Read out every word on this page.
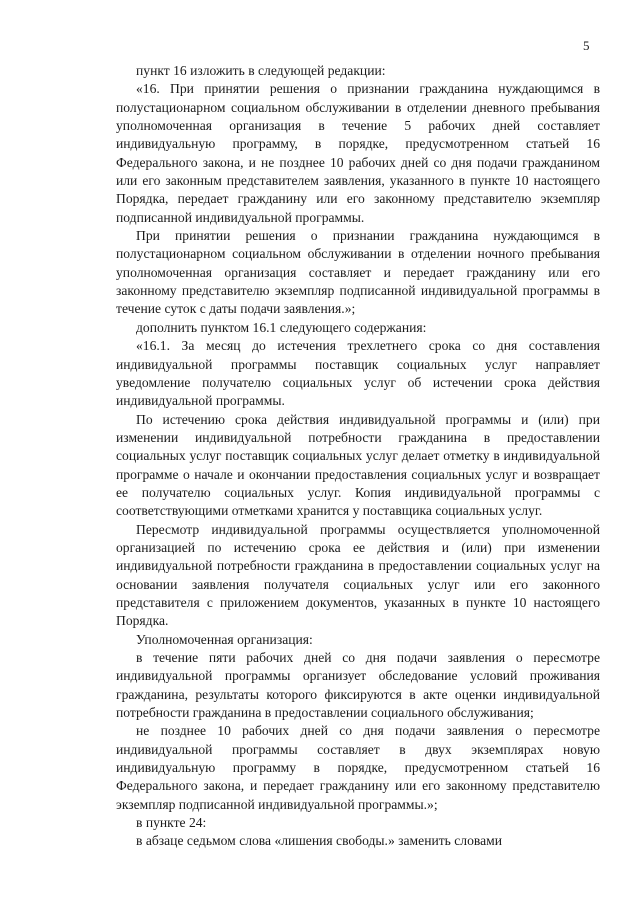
5

пункт 16 изложить в следующей редакции:

«16. При принятии решения о признании гражданина нуждающимся в полустационарном социальном обслуживании в отделении дневного пребывания уполномоченная организация в течение 5 рабочих дней составляет индивидуальную программу, в порядке, предусмотренном статьей 16 Федерального закона, и не позднее 10 рабочих дней со дня подачи гражданином или его законным представителем заявления, указанного в пункте 10 настоящего Порядка, передает гражданину или его законному представителю экземпляр подписанной индивидуальной программы.

При принятии решения о признании гражданина нуждающимся в полустационарном социальном обслуживании в отделении ночного пребывания уполномоченная организация составляет и передает гражданину или его законному представителю экземпляр подписанной индивидуальной программы в течение суток с даты подачи заявления.»;

дополнить пунктом 16.1 следующего содержания:

«16.1. За месяц до истечения трехлетнего срока со дня составления индивидуальной программы поставщик социальных услуг направляет уведомление получателю социальных услуг об истечении срока действия индивидуальной программы.

По истечению срока действия индивидуальной программы и (или) при изменении индивидуальной потребности гражданина в предоставлении социальных услуг поставщик социальных услуг делает отметку в индивидуальной программе о начале и окончании предоставления социальных услуг и возвращает ее получателю социальных услуг. Копия индивидуальной программы с соответствующими отметками хранится у поставщика социальных услуг.

Пересмотр индивидуальной программы осуществляется уполномоченной организацией по истечению срока ее действия и (или) при изменении индивидуальной потребности гражданина в предоставлении социальных услуг на основании заявления получателя социальных услуг или его законного представителя с приложением документов, указанных в пункте 10 настоящего Порядка.

Уполномоченная организация:

в течение пяти рабочих дней со дня подачи заявления о пересмотре индивидуальной программы организует обследование условий проживания гражданина, результаты которого фиксируются в акте оценки индивидуальной потребности гражданина в предоставлении социального обслуживания;

не позднее 10 рабочих дней со дня подачи заявления о пересмотре индивидуальной программы составляет в двух экземплярах новую индивидуальную программу в порядке, предусмотренном статьей 16 Федерального закона, и передает гражданину или его законному представителю экземпляр подписанной индивидуальной программы.»;

в пункте 24:

в абзаце седьмом слова «лишения свободы.» заменить словами
